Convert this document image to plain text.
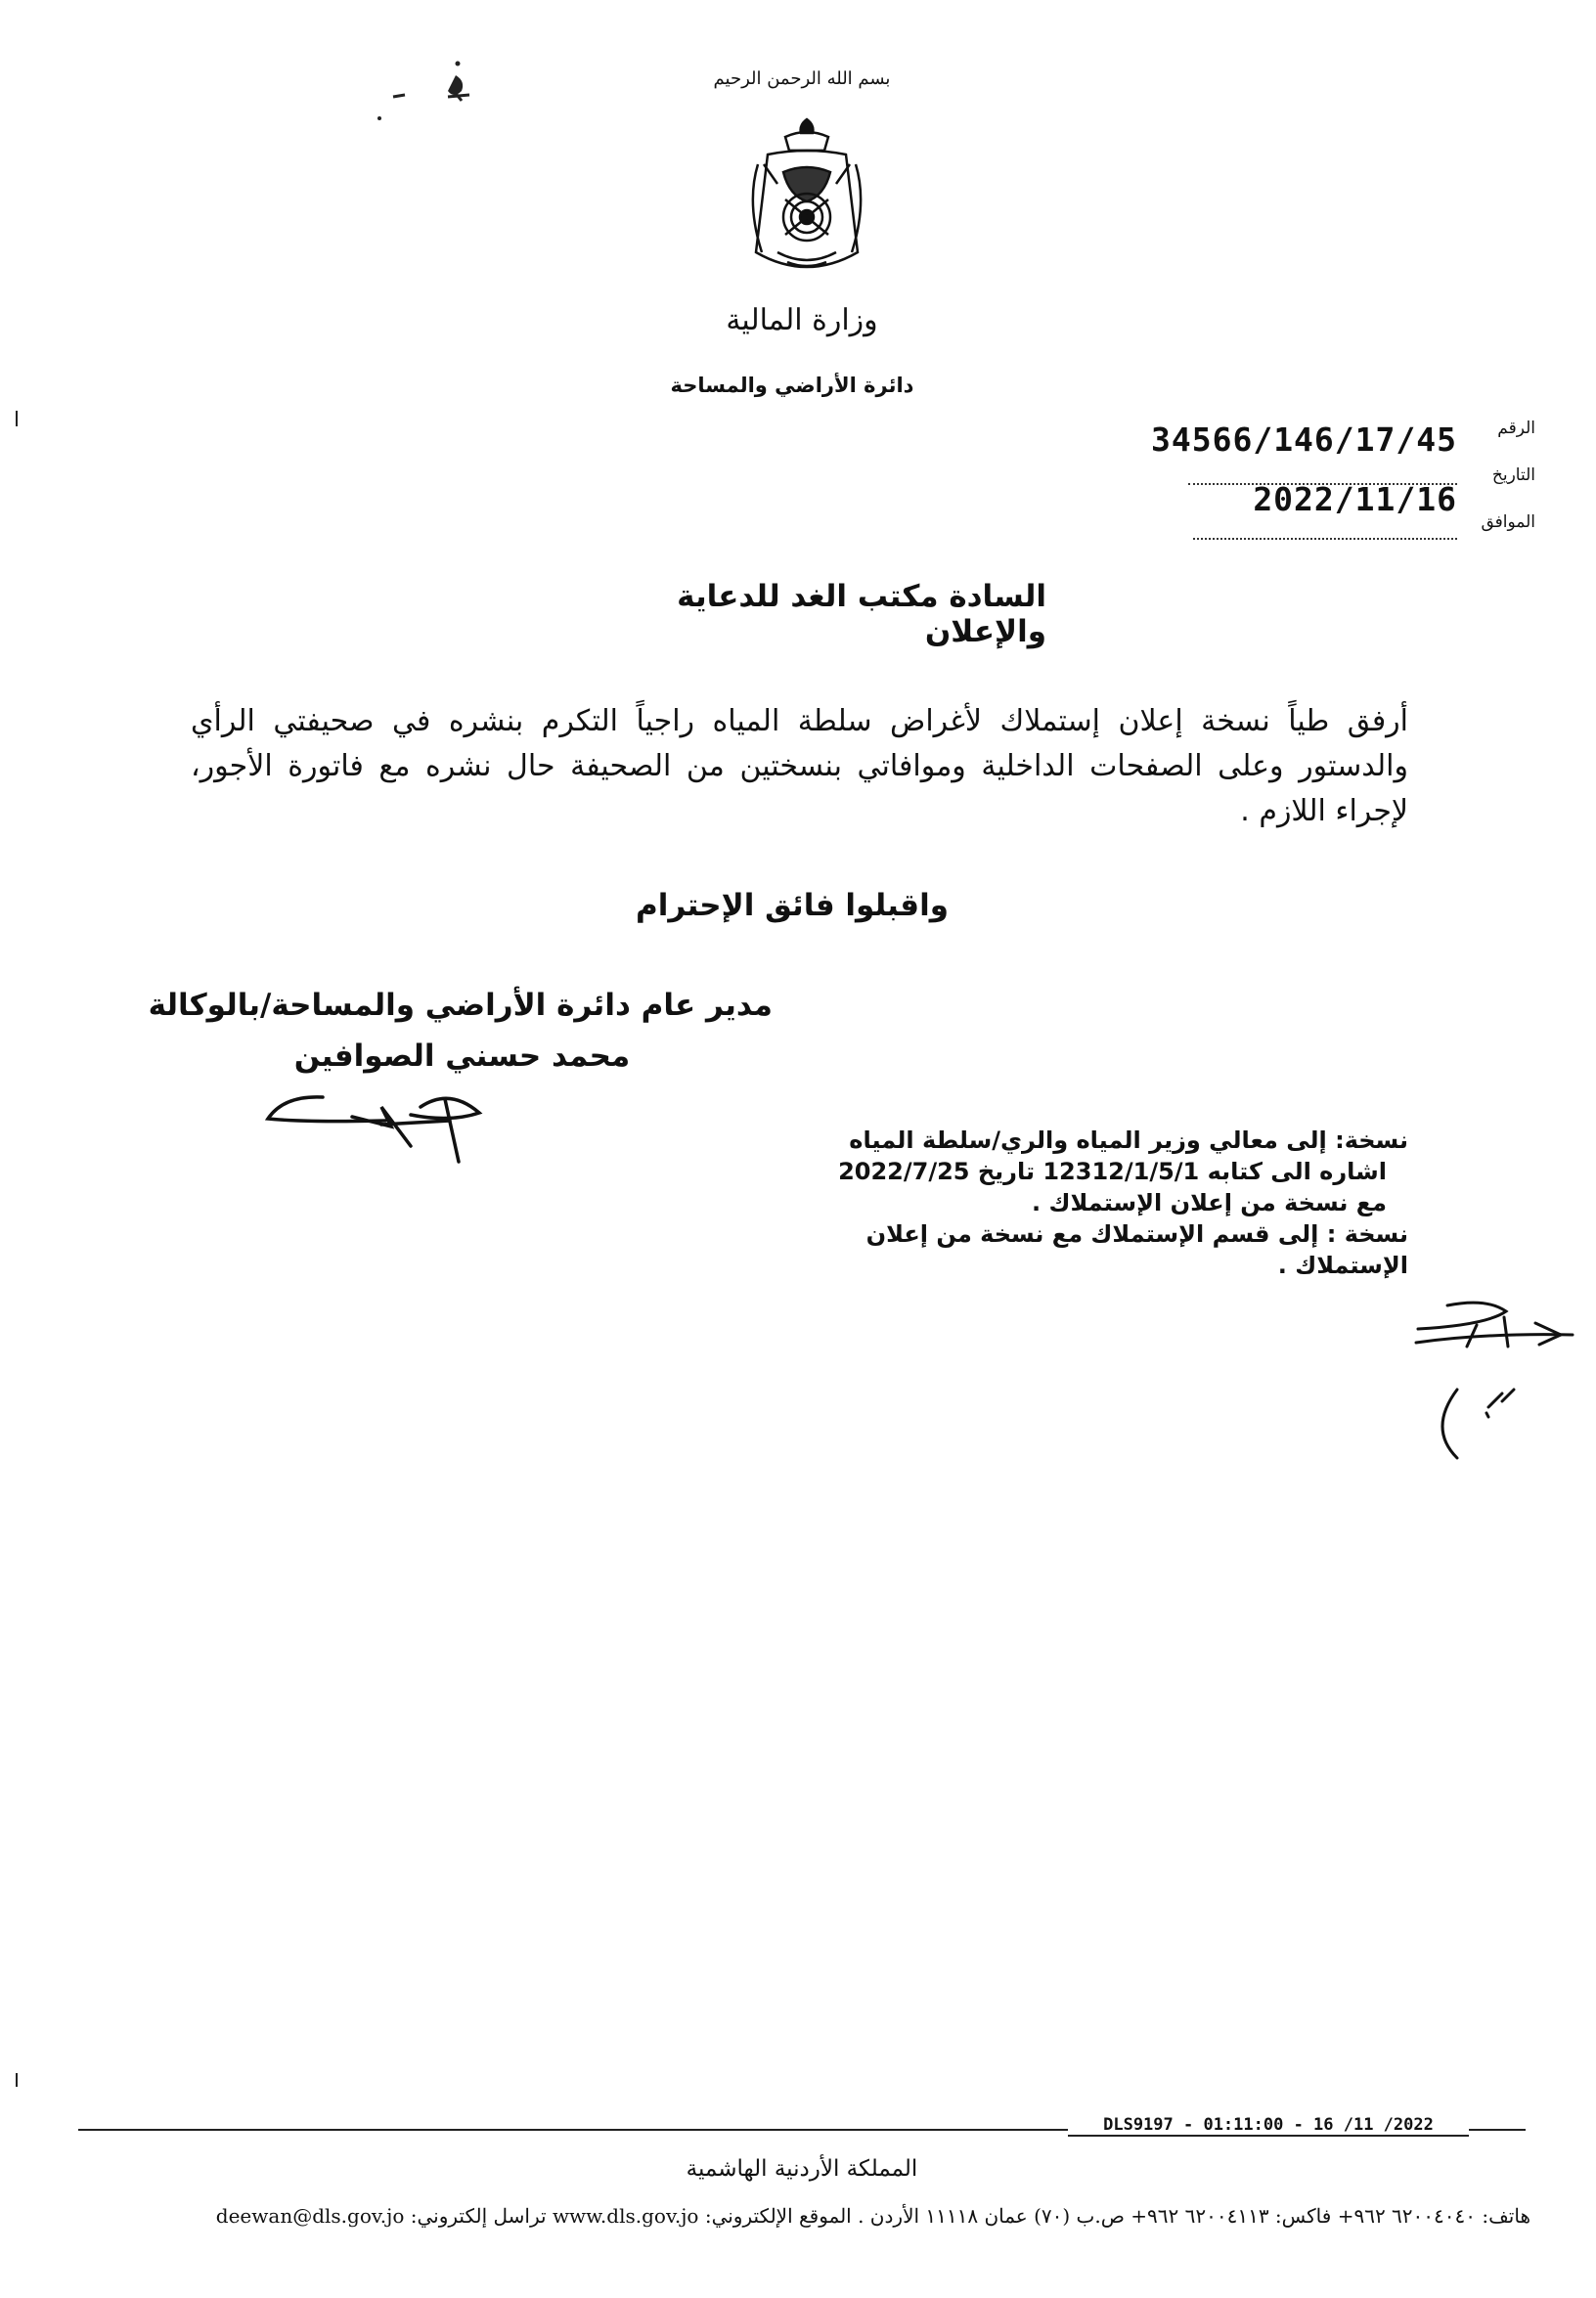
بسم الله الرحمن الرحيم
وزارة المالية
دائرة الأراضي والمساحة
الرقم
التاريخ
الموافق
34566/146/17/45
2022/11/16
السادة مكتب الغد للدعاية والإعلان
أرفق طياً نسخة إعلان إستملاك لأغراض سلطة المياه راجياً التكرم بنشره في صحيفتي الرأي والدستور وعلى الصفحات الداخلية وموافاتي بنسختين من الصحيفة حال نشره مع فاتورة الأجور، لإجراء اللازم .
واقبلوا فائق الإحترام
مدير عام دائرة الأراضي والمساحة/بالوكالة
محمد حسني الصوافين
نسخة: إلى معالي وزير المياه والري/سلطة المياه
اشاره الى كتابه 12312/1/5/1 تاريخ 2022/7/25
مع نسخة من إعلان الإستملاك .
نسخة : إلى قسم الإستملاك مع نسخة من إعلان الإستملاك .
DLS9197 - 01:11:00 - 16 /11 /2022
المملكة الأردنية الهاشمية
هاتف: ٦٢٠٠٤٠٤٠ ٩٦٢+ فاكس: ٦٢٠٠٤١١٣ ٩٦٢+ ص.ب (٧٠) عمان ١١١١٨ الأردن . الموقع الإلكتروني: www.dls.gov.jo تراسل إلكتروني: deewan@dls.gov.jo
